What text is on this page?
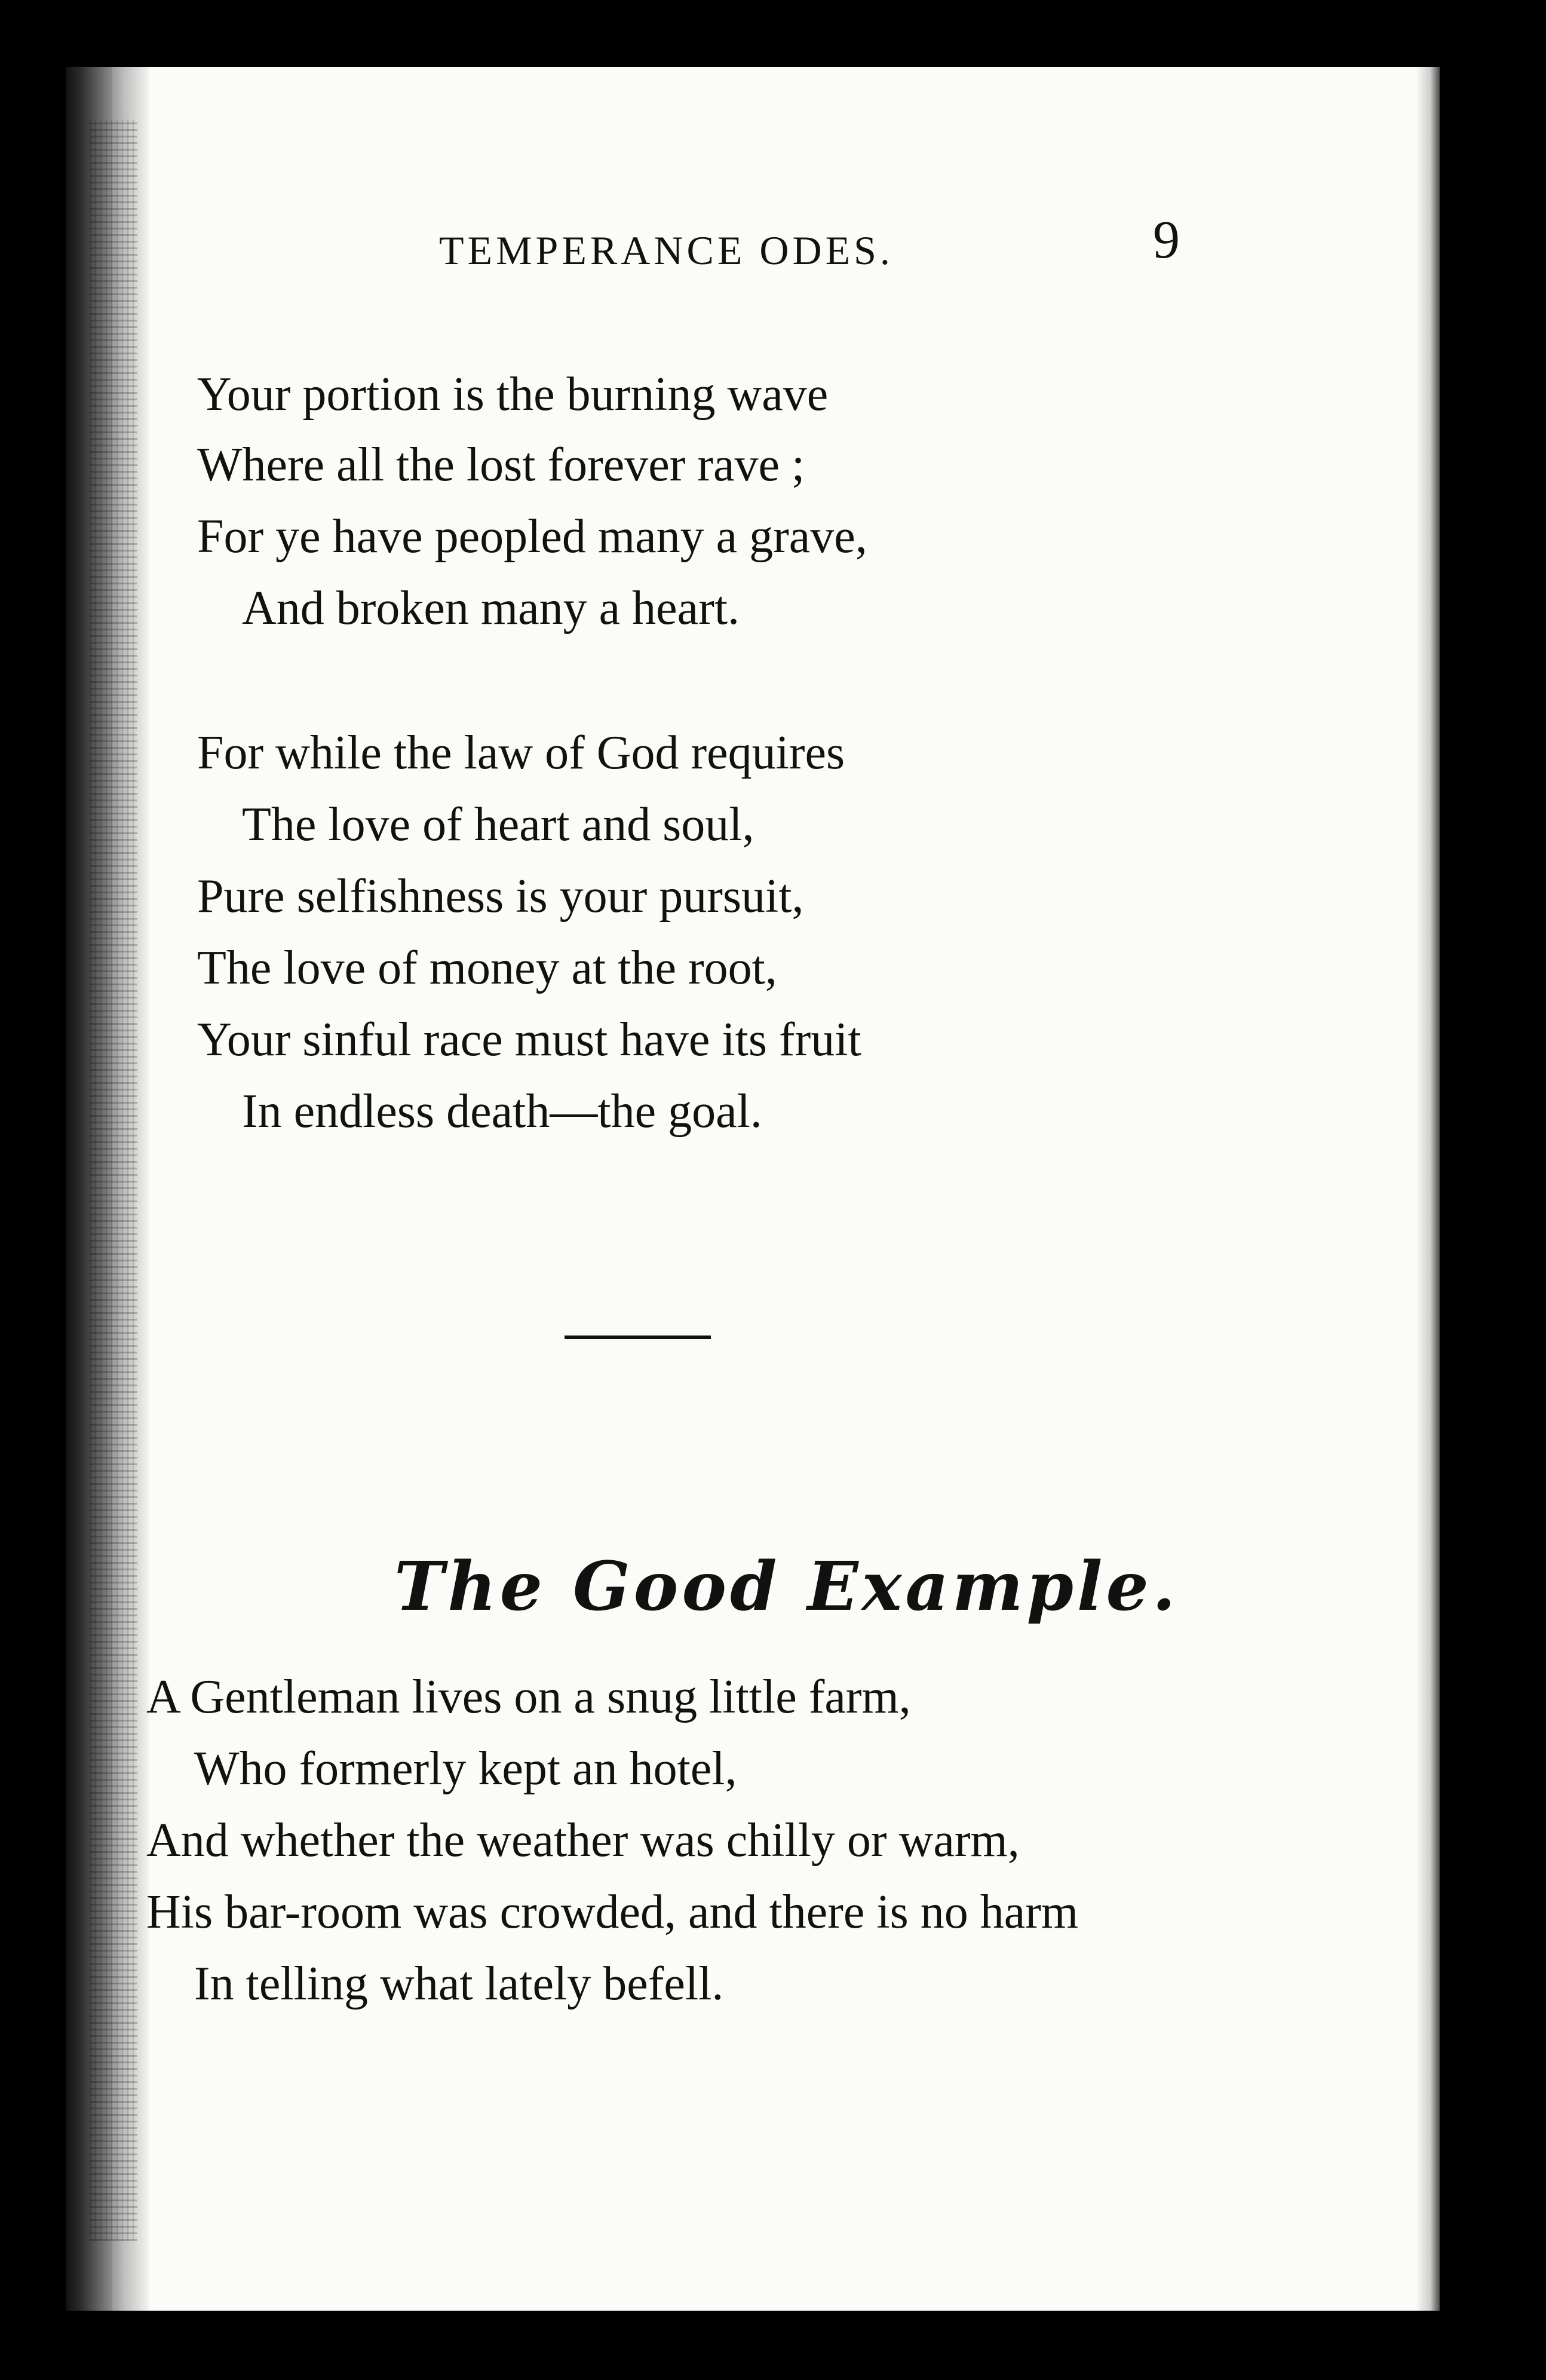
TEMPERANCE ODES.	9
Your portion is the burning wave
Where all the lost forever rave ;
For ye have peopled many a grave,
And broken many a heart.
For while the law of God requires
The love of heart and soul,
Pure selfishness is your pursuit,
The love of money at the root,
Your sinful race must have its fruit
In endless death—the goal.
The Good Example.
A Gentleman lives on a snug little farm,
Who formerly kept an hotel,
And whether the weather was chilly or warm,
His bar-room was crowded, and there is no harm
In telling what lately befell.
